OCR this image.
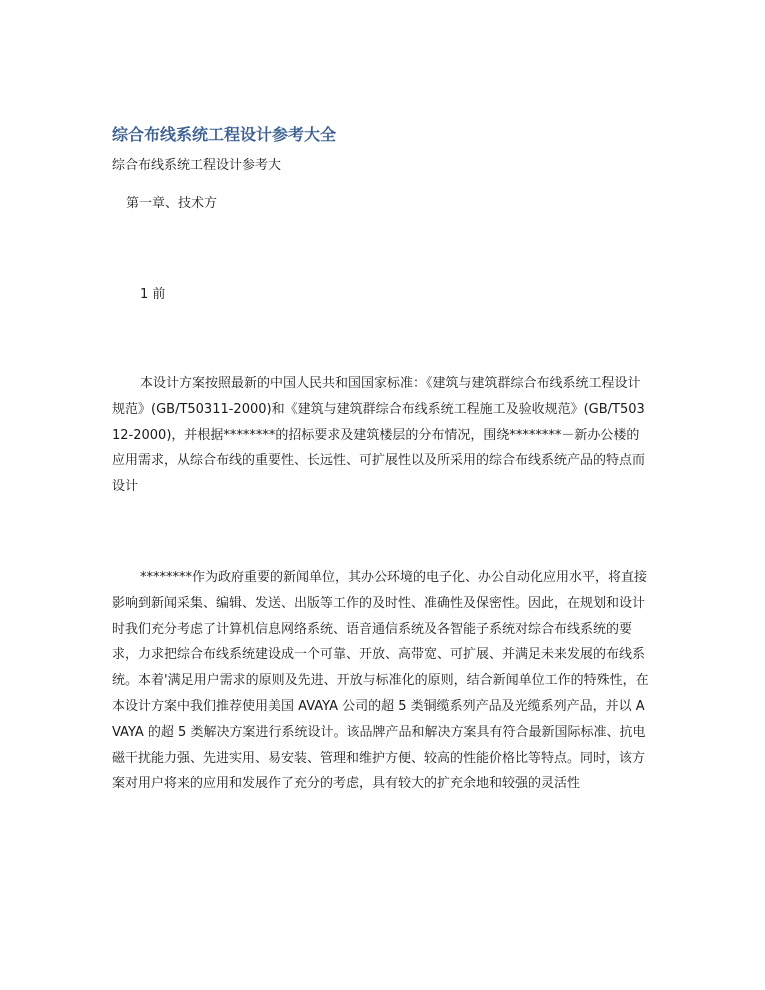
综合布线系统工程设计参考大全

综合布线系统工程设计参考大

第一章、技术方

1 前

本设计方案按照最新的中国人民共和国国家标准：《建筑与建筑群综合布线系统工程设计规范》(GB/T50311-2000)和《建筑与建筑群综合布线系统工程施工及验收规范》(GB/T50312-2000)，并根据********的招标要求及建筑楼层的分布情况，围绕********－新办公楼的应用需求，从综合布线的重要性、长远性、可扩展性以及所采用的综合布线系统产品的特点而设计

********作为政府重要的新闻单位，其办公环境的电子化、办公自动化应用水平，将直接影响到新闻采集、编辑、发送、出版等工作的及时性、准确性及保密性。因此，在规划和设计时我们充分考虑了计算机信息网络系统、语音通信系统及各智能子系统对综合布线系统的要求，力求把综合布线系统建设成一个可靠、开放、高带宽、可扩展、并满足未来发展的布线系统。本着'满足用户需求的原则及先进、开放与标准化的原则，结合新闻单位工作的特殊性，在本设计方案中我们推荐使用美国 AVAYA 公司的超 5 类铜缆系列产品及光缆系列产品，并以 AVAYA 的超 5 类解决方案进行系统设计。该品牌产品和解决方案具有符合最新国际标准、抗电磁干扰能力强、先进实用、易安装、管理和维护方便、较高的性能价格比等特点。同时，该方案对用户将来的应用和发展作了充分的考虑，具有较大的扩充余地和较强的灵活性
